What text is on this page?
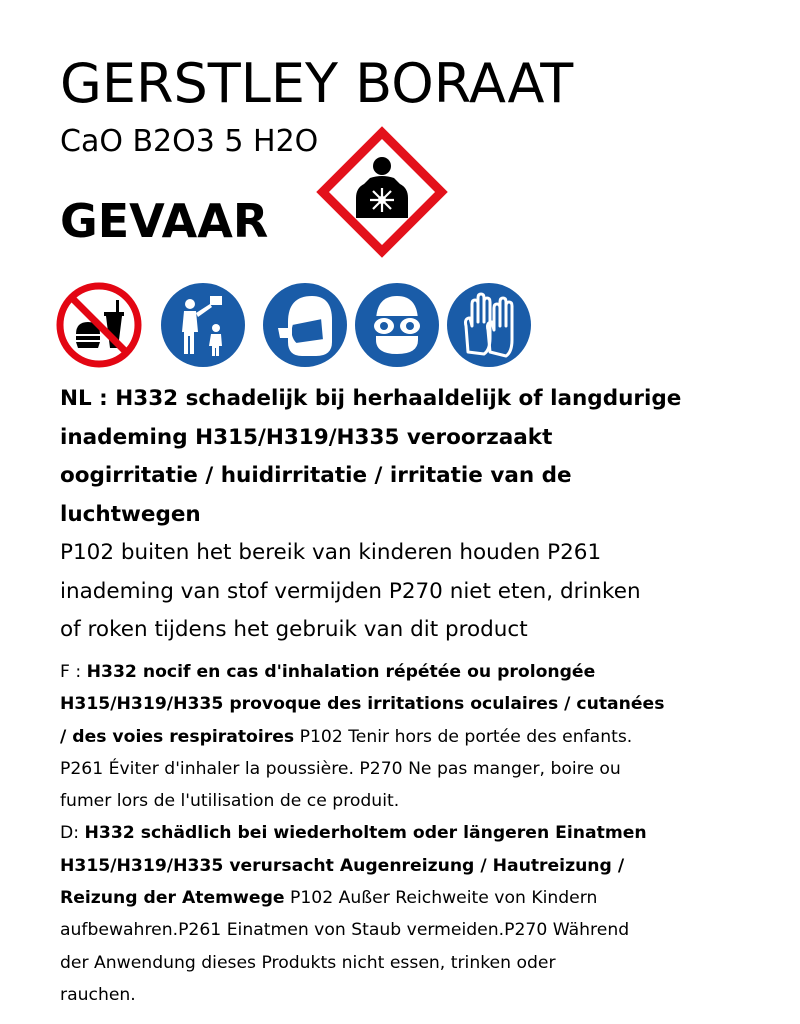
GERSTLEY BORAAT
CaO B2O3 5 H2O
GEVAAR
NL : H332 schadelijk bij herhaaldelijk of langdurige
inademing H315/H319/H335 veroorzaakt
oogirritatie / huidirritatie / irritatie van de
luchtwegen
P102 buiten het bereik van kinderen houden P261
inademing van stof vermijden P270 niet eten, drinken
of roken tijdens het gebruik van dit product
F : H332 nocif en cas d'inhalation répétée ou prolongée
H315/H319/H335 provoque des irritations oculaires / cutanées
/ des voies respiratoires P102 Tenir hors de portée des enfants.
P261 Éviter d'inhaler la poussière. P270 Ne pas manger, boire ou
fumer lors de l'utilisation de ce produit.
D: H332 schädlich bei wiederholtem oder längeren Einatmen
H315/H319/H335 verursacht Augenreizung / Hautreizung /
Reizung der Atemwege P102 Außer Reichweite von Kindern
aufbewahren.P261 Einatmen von Staub vermeiden.P270 Während
der Anwendung dieses Produkts nicht essen, trinken oder
rauchen.
